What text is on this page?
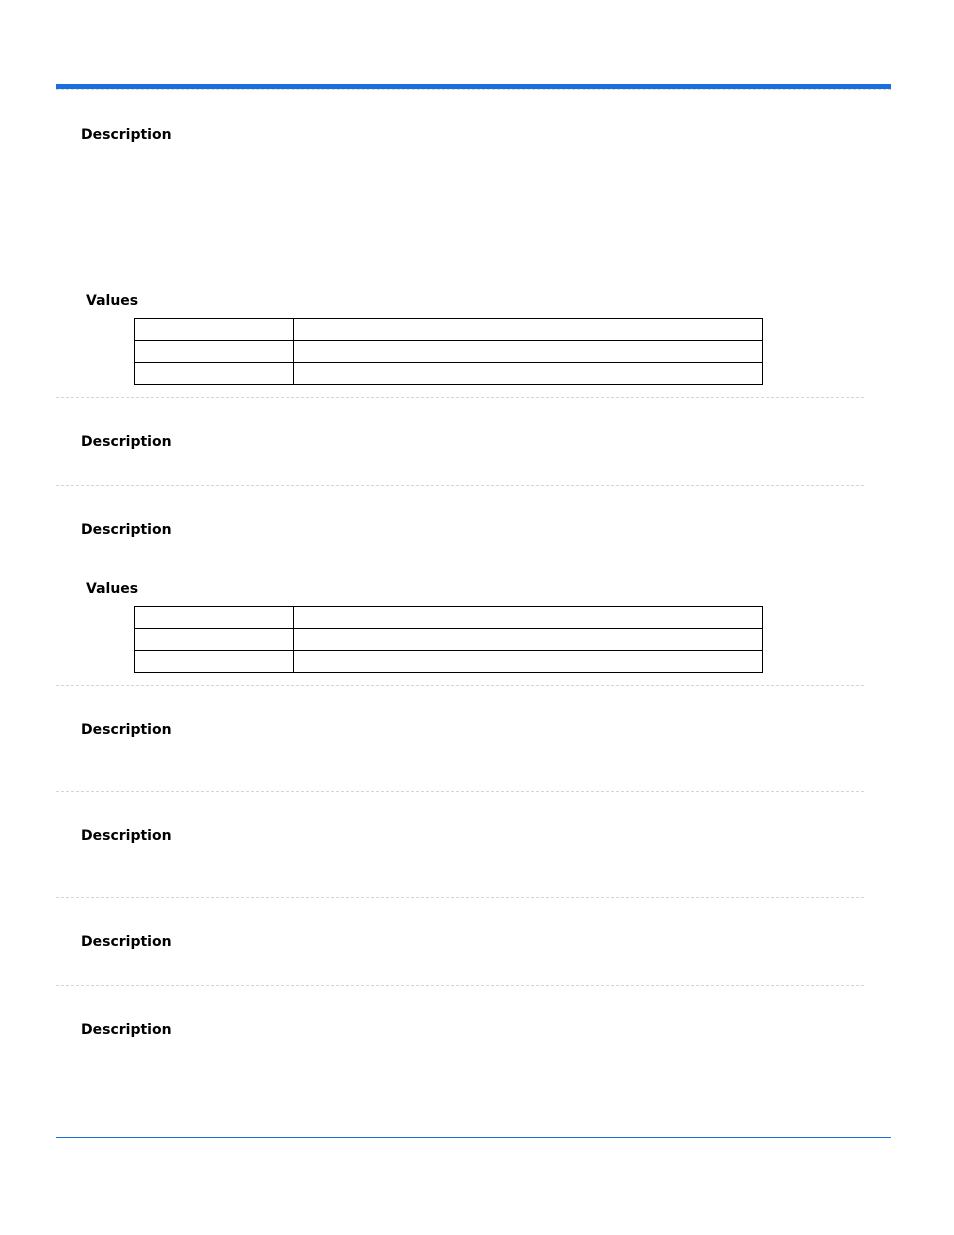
Description
Values

Description
Description
Values

Description
Description
Description
Description
